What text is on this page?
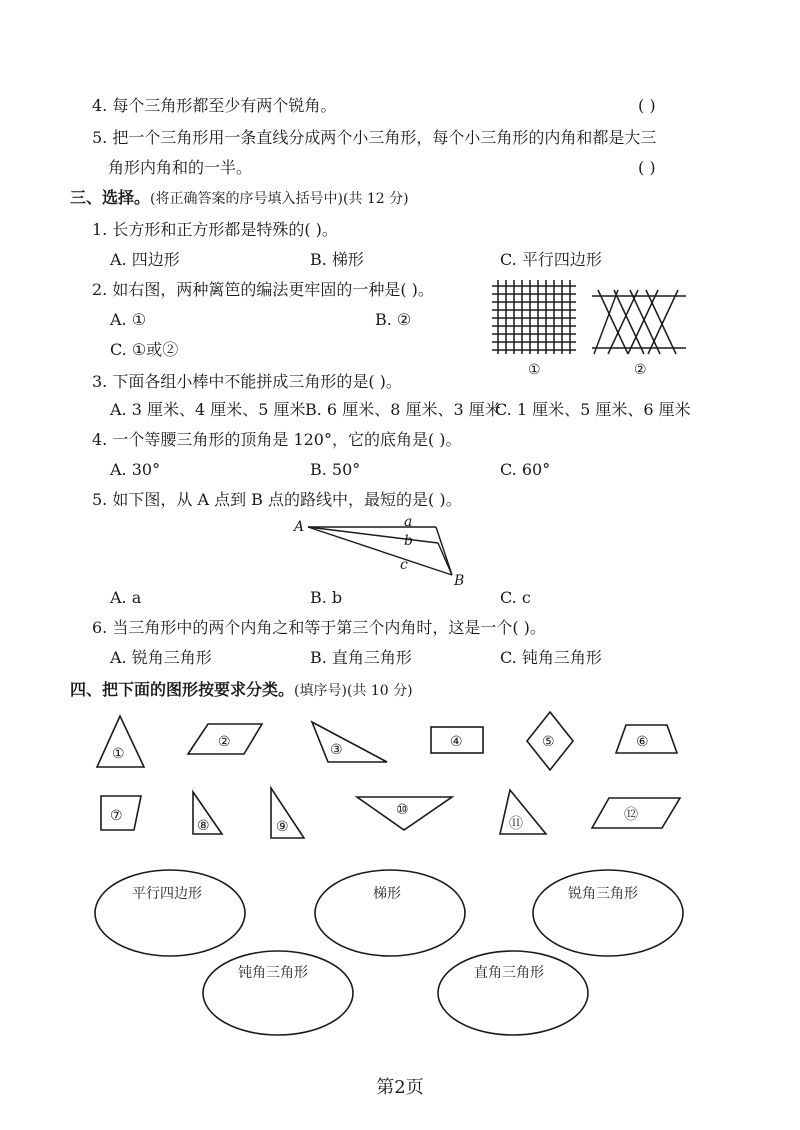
4. 每个三角形都至少有两个锐角。	( )
5. 把一个三角形用一条直线分成两个小三角形，每个小三角形的内角和都是大三
角形内角和的一半。	( )
三、选择。(将正确答案的序号填入括号中)(共 12 分)
1. 长方形和正方形都是特殊的( )。
A. 四边形	B. 梯形	C. 平行四边形
2. 如右图，两种篱笆的编法更牢固的一种是( )。
A. ①	B. ②
C. ①或②
①	②
3. 下面各组小棒中不能拼成三角形的是( )。
A. 3 厘米、4 厘米、5 厘米 B. 6 厘米、8 厘米、3 厘米
C. 1 厘米、5 厘米、6 厘米
4. 一个等腰三角形的顶角是 120°，它的底角是( )。
A. 30°	B. 50°	C. 60°
5. 如下图，从 A 点到 B 点的路线中，最短的是( )。
A
B
a
b
c
A. a	B. b	C. c
6. 当三角形中的两个内角之和等于第三个内角时，这是一个( )。
A. 锐角三角形	B. 直角三角形	C. 钝角三角形
四、把下面的图形按要求分类。(填序号)(共 10 分)
①
②	③	④	⑤	⑥
⑦
⑧	⑨
⑩
⑪
⑫
平行四边形	梯形	锐角三角形
钝角三角形	直角三角形
第2页
